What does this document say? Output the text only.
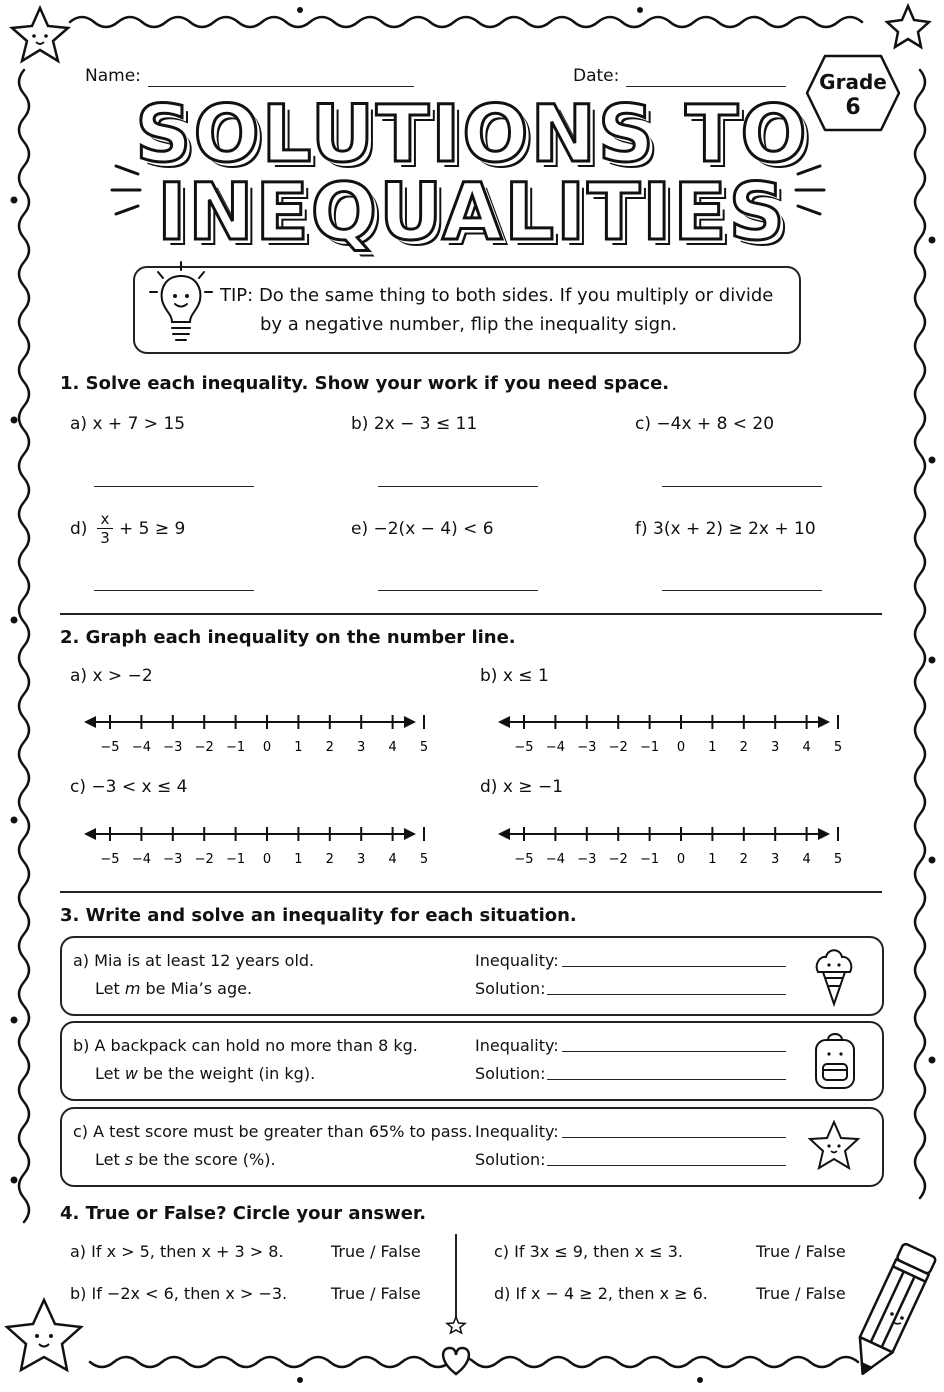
Name:	Date:	Grade
6
SOLUTIONS TO
INEQUALITIES
TIP: Do the same thing to both sides. If you multiply or divide
by a negative number, flip the inequality sign.
1. Solve each inequality. Show your work if you need space.
a) x + 7 > 15	b) 2x − 3 ≤ 11	c) −4x + 8 < 20
$d) \frac{x}{3} + 5 \ge 9$	e) −2(x − 4) < 6	f) 3(x + 2) ≥ 2x + 10
2. Graph each inequality on the number line.
a) x > −2	b) x ≤ 1
c) −3 < x ≤ 4	d) x ≥ −1
−5 −4 −3 −2 −1 0 1 2 3 4 5	−5 −4 −3 −2 −1 0 1 2 3 4 5
−5 −4 −3 −2 −1 0 1 2 3 4 5	−5 −4 −3 −2 −1 0 1 2 3 4 5
3. Write and solve an inequality for each situation.
a) Mia is at least 12 years old.
Let m be Mia’s age.
Inequality:
Solution:
b) A backpack can hold no more than 8 kg.
Let w be the weight (in kg).
Inequality:
Solution:
c) A test score must be greater than 65% to pass.
Let s be the score (%).
Inequality:
Solution:
4. True or False? Circle your answer.
a) If x > 5, then x + 3 > 8.	True / False
b) If −2x < 6, then x > −3.	True / False
c) If 3x ≤ 9, then x ≤ 3.	True / False
d) If x − 4 ≥ 2, then x ≥ 6.	True / False
